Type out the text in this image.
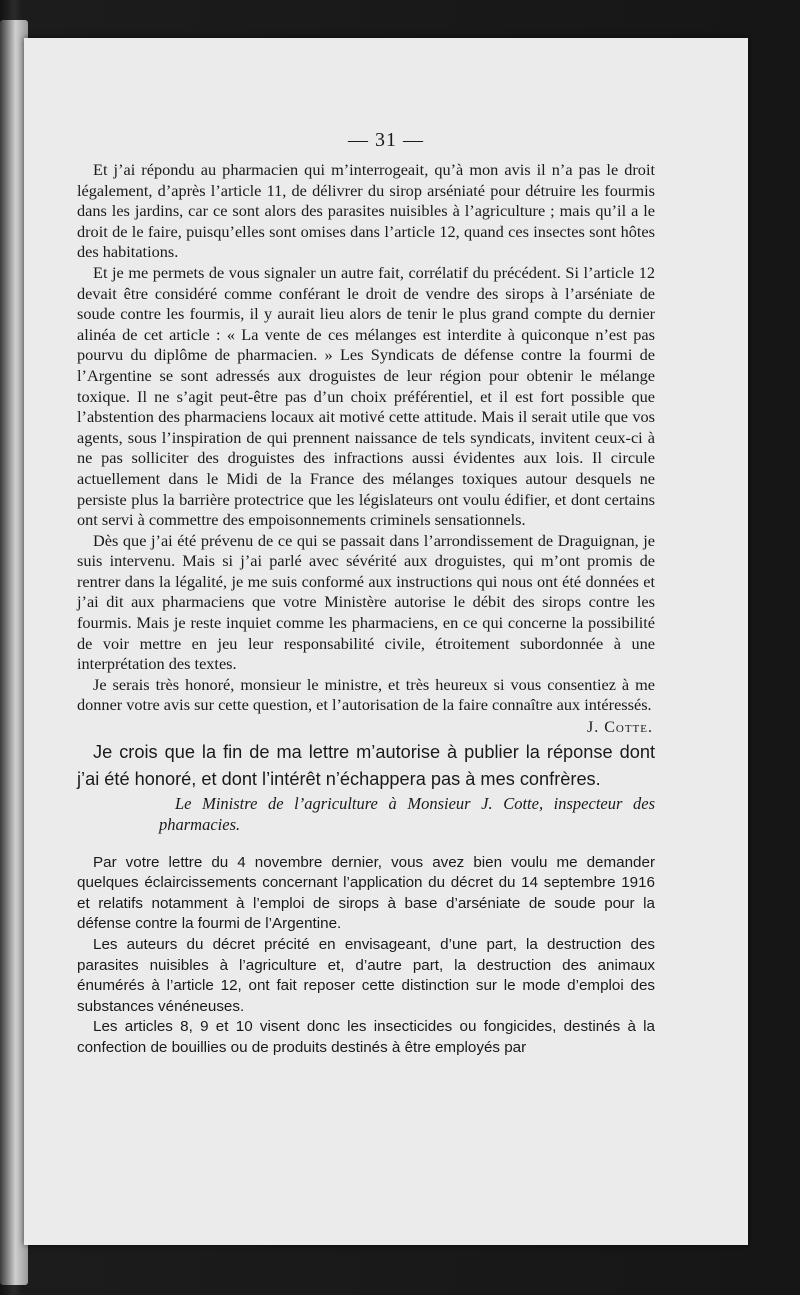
— 31 —

Et j’ai répondu au pharmacien qui m’interrogeait, qu’à mon avis il n’a pas le droit légalement, d’après l’article 11, de délivrer du sirop arséniaté pour détruire les fourmis dans les jardins, car ce sont alors des parasites nuisibles à l’agriculture ; mais qu’il a le droit de le faire, puisqu’elles sont omises dans l’article 12, quand ces insectes sont hôtes des habitations.

Et je me permets de vous signaler un autre fait, corrélatif du précédent. Si l’article 12 devait être considéré comme conférant le droit de vendre des sirops à l’arséniate de soude contre les fourmis, il y aurait lieu alors de tenir le plus grand compte du dernier alinéa de cet article : « La vente de ces mélanges est interdite à quiconque n’est pas pourvu du diplôme de pharmacien. » Les Syndicats de défense contre la fourmi de l’Argentine se sont adressés aux droguistes de leur région pour obtenir le mélange toxique. Il ne s’agit peut-être pas d’un choix préférentiel, et il est fort possible que l’abstention des pharmaciens locaux ait motivé cette attitude. Mais il serait utile que vos agents, sous l’inspiration de qui prennent naissance de tels syndicats, invitent ceux-ci à ne pas solliciter des droguistes des infractions aussi évidentes aux lois. Il circule actuellement dans le Midi de la France des mélanges toxiques autour desquels ne persiste plus la barrière protectrice que les législateurs ont voulu édifier, et dont certains ont servi à commettre des empoisonnements criminels sensationnels.

Dès que j’ai été prévenu de ce qui se passait dans l’arrondissement de Draguignan, je suis intervenu. Mais si j’ai parlé avec sévérité aux droguistes, qui m’ont promis de rentrer dans la légalité, je me suis conformé aux instructions qui nous ont été données et j’ai dit aux pharmaciens que votre Ministère autorise le débit des sirops contre les fourmis. Mais je reste inquiet comme les pharmaciens, en ce qui concerne la possibilité de voir mettre en jeu leur responsabilité civile, étroitement subordonnée à une interprétation des textes.

Je serais très honoré, monsieur le ministre, et très heureux si vous consentiez à me donner votre avis sur cette question, et l’autorisation de la faire connaître aux intéressés.

J. Cotte.

Je crois que la fin de ma lettre m’autorise à publier la réponse dont j’ai été honoré, et dont l’intérêt n’échappera pas à mes confrères.

Le Ministre de l’agriculture à Monsieur J. Cotte, inspecteur des pharmacies.

Par votre lettre du 4 novembre dernier, vous avez bien voulu me demander quelques éclaircissements concernant l’application du décret du 14 septembre 1916 et relatifs notamment à l’emploi de sirops à base d’arséniate de soude pour la défense contre la fourmi de l’Argentine.

Les auteurs du décret précité en envisageant, d’une part, la destruction des parasites nuisibles à l’agriculture et, d’autre part, la destruction des animaux énumérés à l’article 12, ont fait reposer cette distinction sur le mode d’emploi des substances vénéneuses.

Les articles 8, 9 et 10 visent donc les insecticides ou fongicides, destinés à la confection de bouillies ou de produits destinés à être employés par
